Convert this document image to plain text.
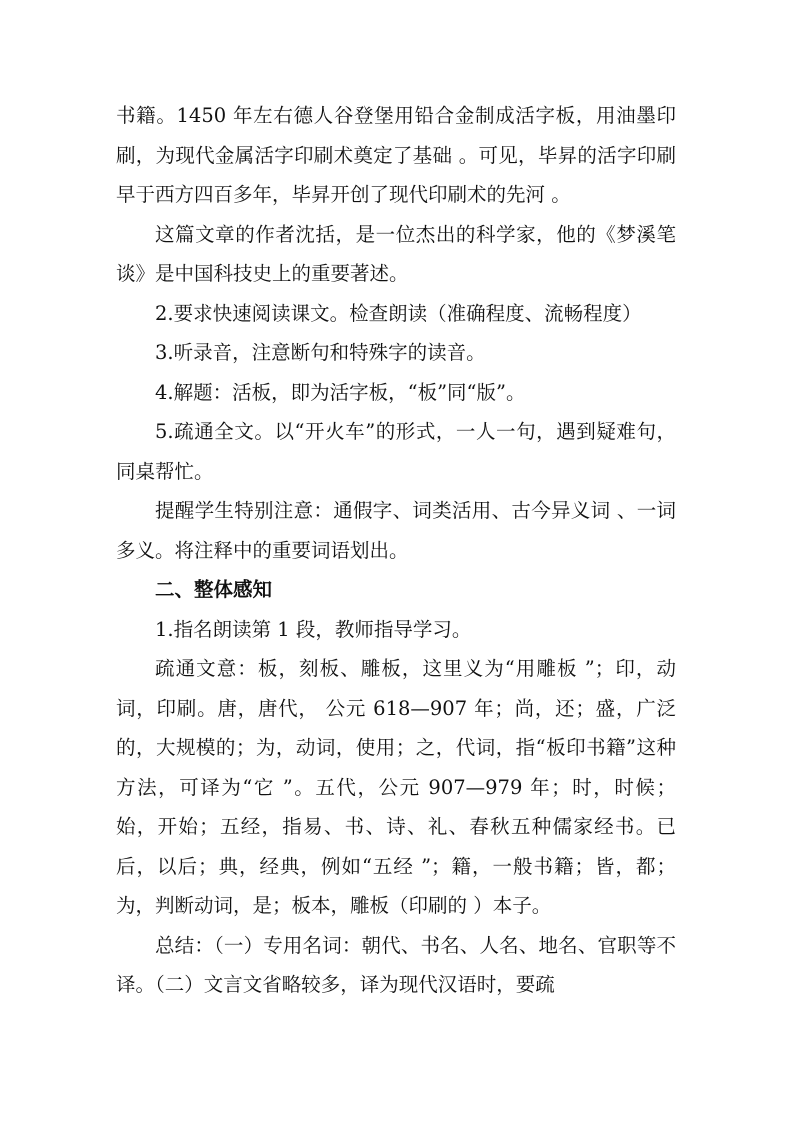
书籍。1450 年左右德人谷登堡用铅合金制成活字板，用油墨印刷，为现代金属活字印刷术奠定了基础 。可见，毕昇的活字印刷早于西方四百多年，毕昇开创了现代印刷术的先河 。

这篇文章的作者沈括，是一位杰出的科学家，他的《梦溪笔谈》是中国科技史上的重要著述。

2.要求快速阅读课文。检查朗读（准确程度、流畅程度）

3.听录音，注意断句和特殊字的读音。

4.解题：活板，即为活字板，“板”同“版”。

5.疏通全文。以“开火车”的形式，一人一句，遇到疑难句，同桌帮忙。

提醒学生特别注意：通假字、词类活用、古今异义词 、一词多义。将注释中的重要词语划出。

二、整体感知

1.指名朗读第 1 段，教师指导学习。

疏通文意：板，刻板、雕板，这里义为“用雕板 ”；印，动词，印刷。唐，唐代， 公元 618—907 年；尚，还；盛，广泛的，大规模的；为，动词，使用；之，代词，指“板印书籍”这种方法，可译为“它 ”。五代，公元 907—979 年；时，时候；始，开始；五经，指易、书、诗、礼、春秋五种儒家经书。已后，以后；典，经典，例如“五经 ”；籍，一般书籍；皆，都；为，判断动词，是；板本，雕板（印刷的 ）本子。

总结：（一）专用名词：朝代、书名、人名、地名、官职等不译。（二）文言文省略较多，译为现代汉语时，要疏
